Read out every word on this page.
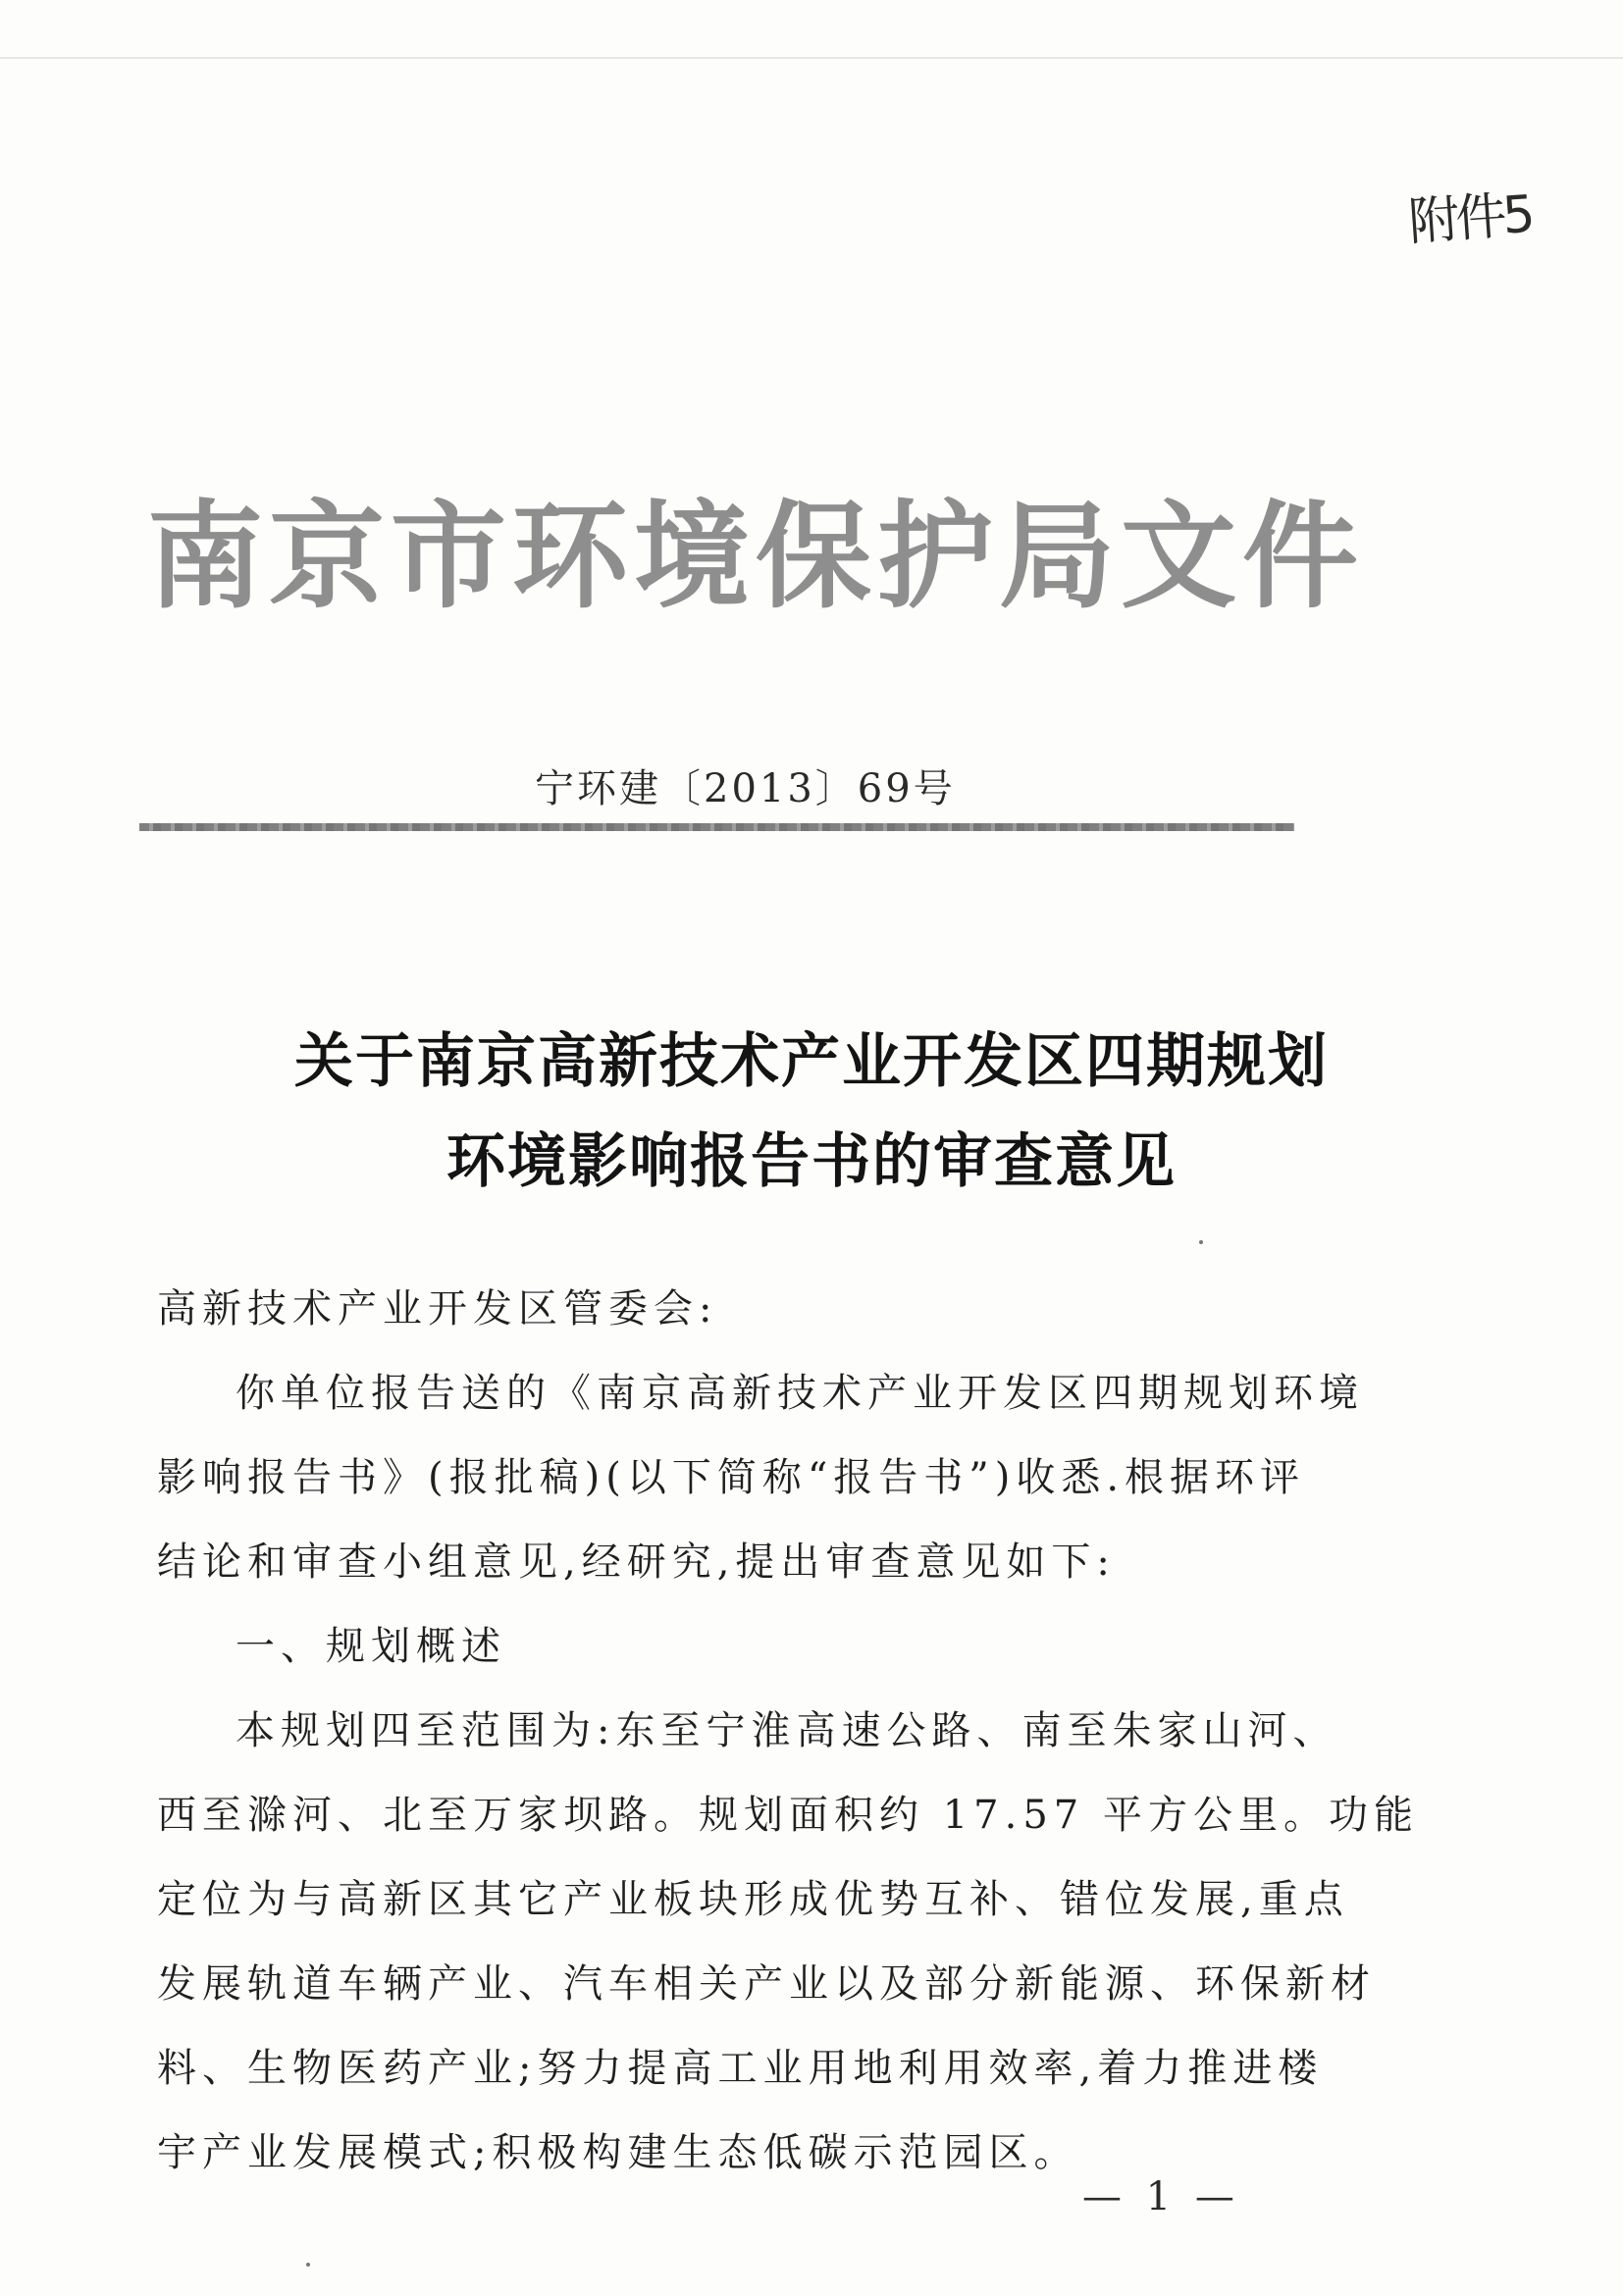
附件5
南京市环境保护局文件
宁环建〔2013〕69号
关于南京高新技术产业开发区四期规划
环境影响报告书的审查意见
高新技术产业开发区管委会:
你单位报告送的《南京高新技术产业开发区四期规划环境
影响报告书》(报批稿)(以下简称“报告书”)收悉.根据环评
结论和审查小组意见,经研究,提出审查意见如下:
一、规划概述
本规划四至范围为:东至宁淮高速公路、南至朱家山河、
西至滁河、北至万家坝路。规划面积约 17.57 平方公里。功能
定位为与高新区其它产业板块形成优势互补、错位发展,重点
发展轨道车辆产业、汽车相关产业以及部分新能源、环保新材
料、生物医药产业;努力提高工业用地利用效率,着力推进楼
宇产业发展模式;积极构建生态低碳示范园区。
— 1 —
